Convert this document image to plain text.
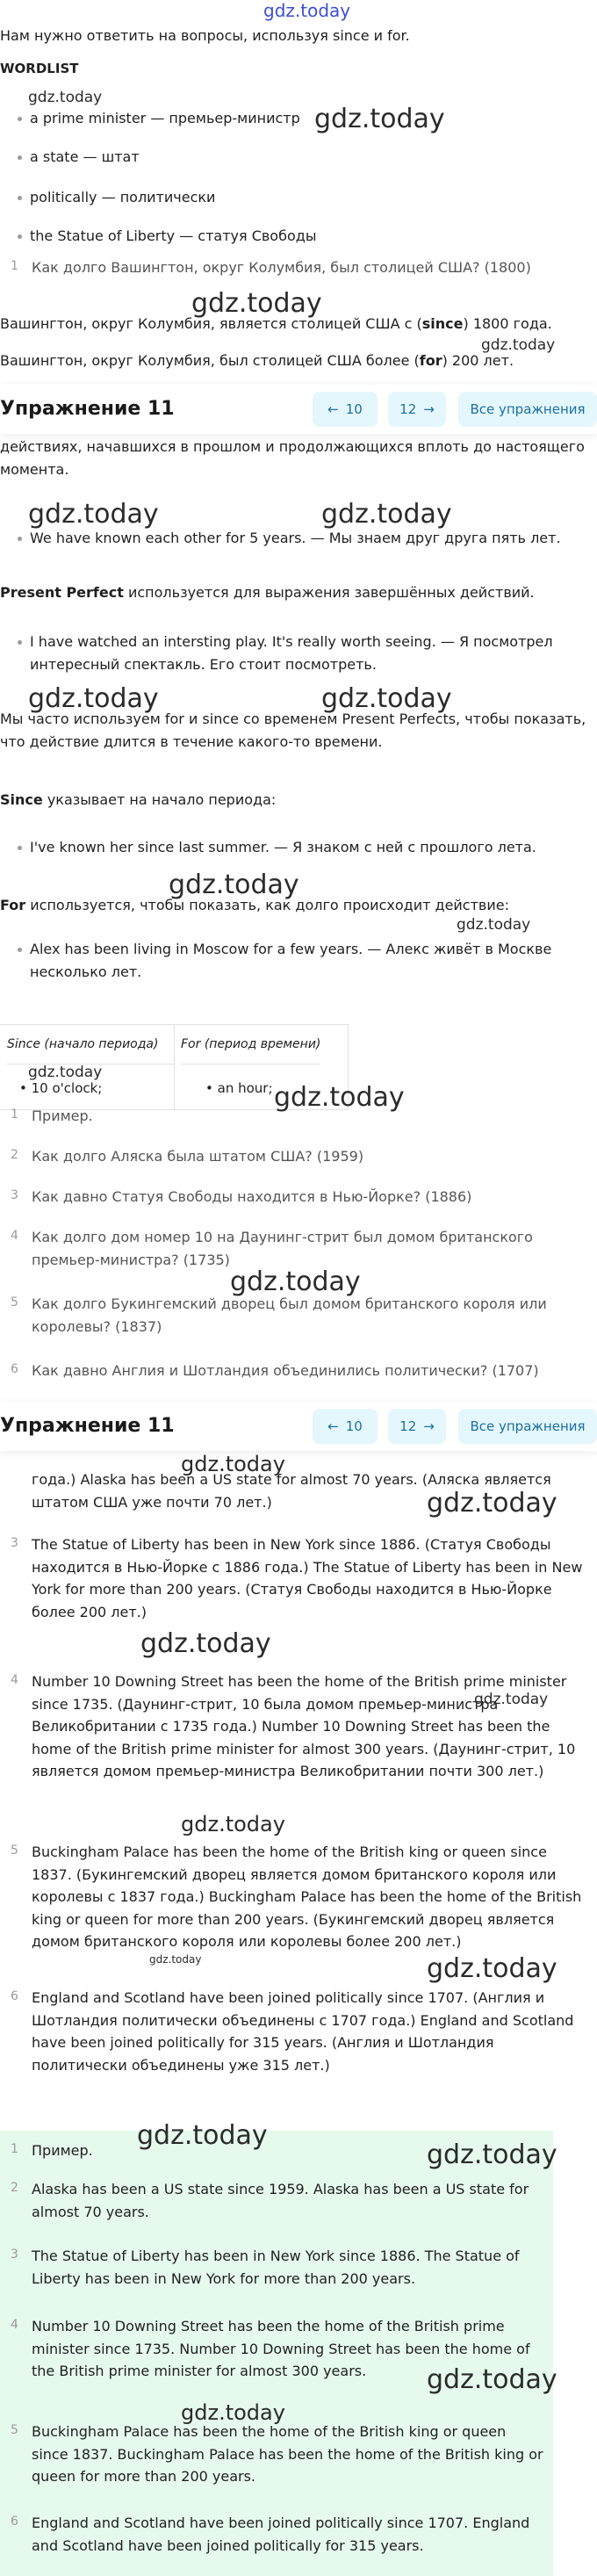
gdz.today

Нам нужно ответить на вопросы, используя since и for.

WORDLIST

gdz.today

a prime minister — премьер-министр gdz.today

a state — штат

politically — политически

the Statue of Liberty — статуя Свободы

1 Как долго Вашингтон, округ Колумбия, был столицей США? (1800)

gdz.today

Вашингтон, округ Колумбия, является столицей США с (since) 1800 года.

gdz.today

Вашингтон, округ Колумбия, был столицей США более (for) 200 лет.

Упражнение 11	← 10	12 →	Все упражнения

действиях, начавшихся в прошлом и продолжающихся вплоть до настоящего момента.

gdz.today	gdz.today

We have known each other for 5 years. — Мы знаем друг друга пять лет.

Present Perfect используется для выражения завершённых действий.

I have watched an intersting play. It's really worth seeing. — Я посмотрел интересный спектакль. Его стоит посмотреть.

gdz.today	gdz.today

Мы часто используем for и since со временем Present Perfects, чтобы показать, что действие длится в течение какого-то времени.

Since указывает на начало периода:

I've known her since last summer. — Я знаком с ней с прошлого лета.

gdz.today

For используется, чтобы показать, как долго происходит действие:

gdz.today

Alex has been living in Moscow for a few years. — Алекс живёт в Москве несколько лет.

Since (начало периода)	For (период времени)
• 10 o'clock;	• an hour;
gdz.today
gdz.today

1 Пример.

2 Как долго Аляска была штатом США? (1959)

3 Как давно Статуя Свободы находится в Нью-Йорке? (1886)

4 Как долго дом номер 10 на Даунинг-стрит был домом британского премьер-министра? (1735)

gdz.today

5 Как долго Букингемский дворец был домом британского короля или королевы? (1837)

6 Как давно Англия и Шотландия объединились политически? (1707)

Упражнение 11	← 10	12 →	Все упражнения
gdz.today

года.) Alaska has been a US state for almost 70 years. (Аляска является штатом США уже почти 70 лет.)	gdz.today

3 The Statue of Liberty has been in New York since 1886. (Статуя Свободы находится в Нью-Йорке с 1886 года.) The Statue of Liberty has been in New York for more than 200 years. (Статуя Свободы находится в Нью-Йорке более 200 лет.)

gdz.today

4 Number 10 Downing Street has been the home of the British prime minister since 1735. (Даунинг-стрит, 10 была домом премьер-министра Великобритании с 1735 года.) Number 10 Downing Street has been the home of the British prime minister for almost 300 years. (Даунинг-стрит, 10 является домом премьер-министра Великобритании почти 300 лет.)

gdz.today
gdz.today

5 Buckingham Palace has been the home of the British king or queen since 1837. (Букингемский дворец является домом британского короля или королевы с 1837 года.) Buckingham Palace has been the home of the British king or queen for more than 200 years. (Букингемский дворец является домом британского короля или королевы более 200 лет.)

gdz.today	gdz.today

6 England and Scotland have been joined politically since 1707. (Англия и Шотландия политически объединены с 1707 года.) England and Scotland have been joined politically for 315 years. (Англия и Шотландия политически объединены уже 315 лет.)

gdz.today

1 Пример.	gdz.today

2 Alaska has been a US state since 1959. Alaska has been a US state for almost 70 years.

3 The Statue of Liberty has been in New York since 1886. The Statue of Liberty has been in New York for more than 200 years.

4 Number 10 Downing Street has been the home of the British prime minister since 1735. Number 10 Downing Street has been the home of the British prime minister for almost 300 years.	gdz.today
gdz.today

5 Buckingham Palace has been the home of the British king or queen since 1837. Buckingham Palace has been the home of the British king or queen for more than 200 years.

6 England and Scotland have been joined politically since 1707. England and Scotland have been joined politically for 315 years.
